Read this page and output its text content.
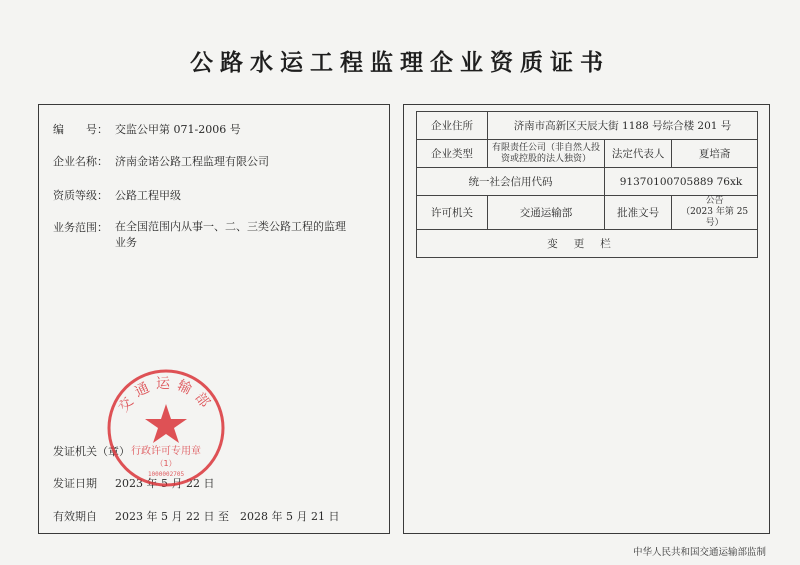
公路水运工程监理企业资质证书
编　　号： 交监公甲第 071-2006 号
企业名称： 济南金诺公路工程监理有限公司
资质等级： 公路工程甲级
业务范围： 在全国范围内从事一、二、三类公路工程的监理业务
发证机关（章）
发证日期 2023 年 5 月 22 日
有效期自 2023 年 5 月 22 日 至　2028 年 5 月 21 日
交通运输部
行政许可专用章
（1）
1000002705
企业住所	济南市高新区天辰大街 1188 号综合楼 201 号		
企业类型	有限责任公司（非自然人投资或控股的法人独资）	法定代表人	夏培斋
统一社会信用代码		91370100705889 76xk	
许可机关	交通运输部	批准文号	公告
（2023 年第 25 号）

变更栏			
中华人民共和国交通运输部监制
